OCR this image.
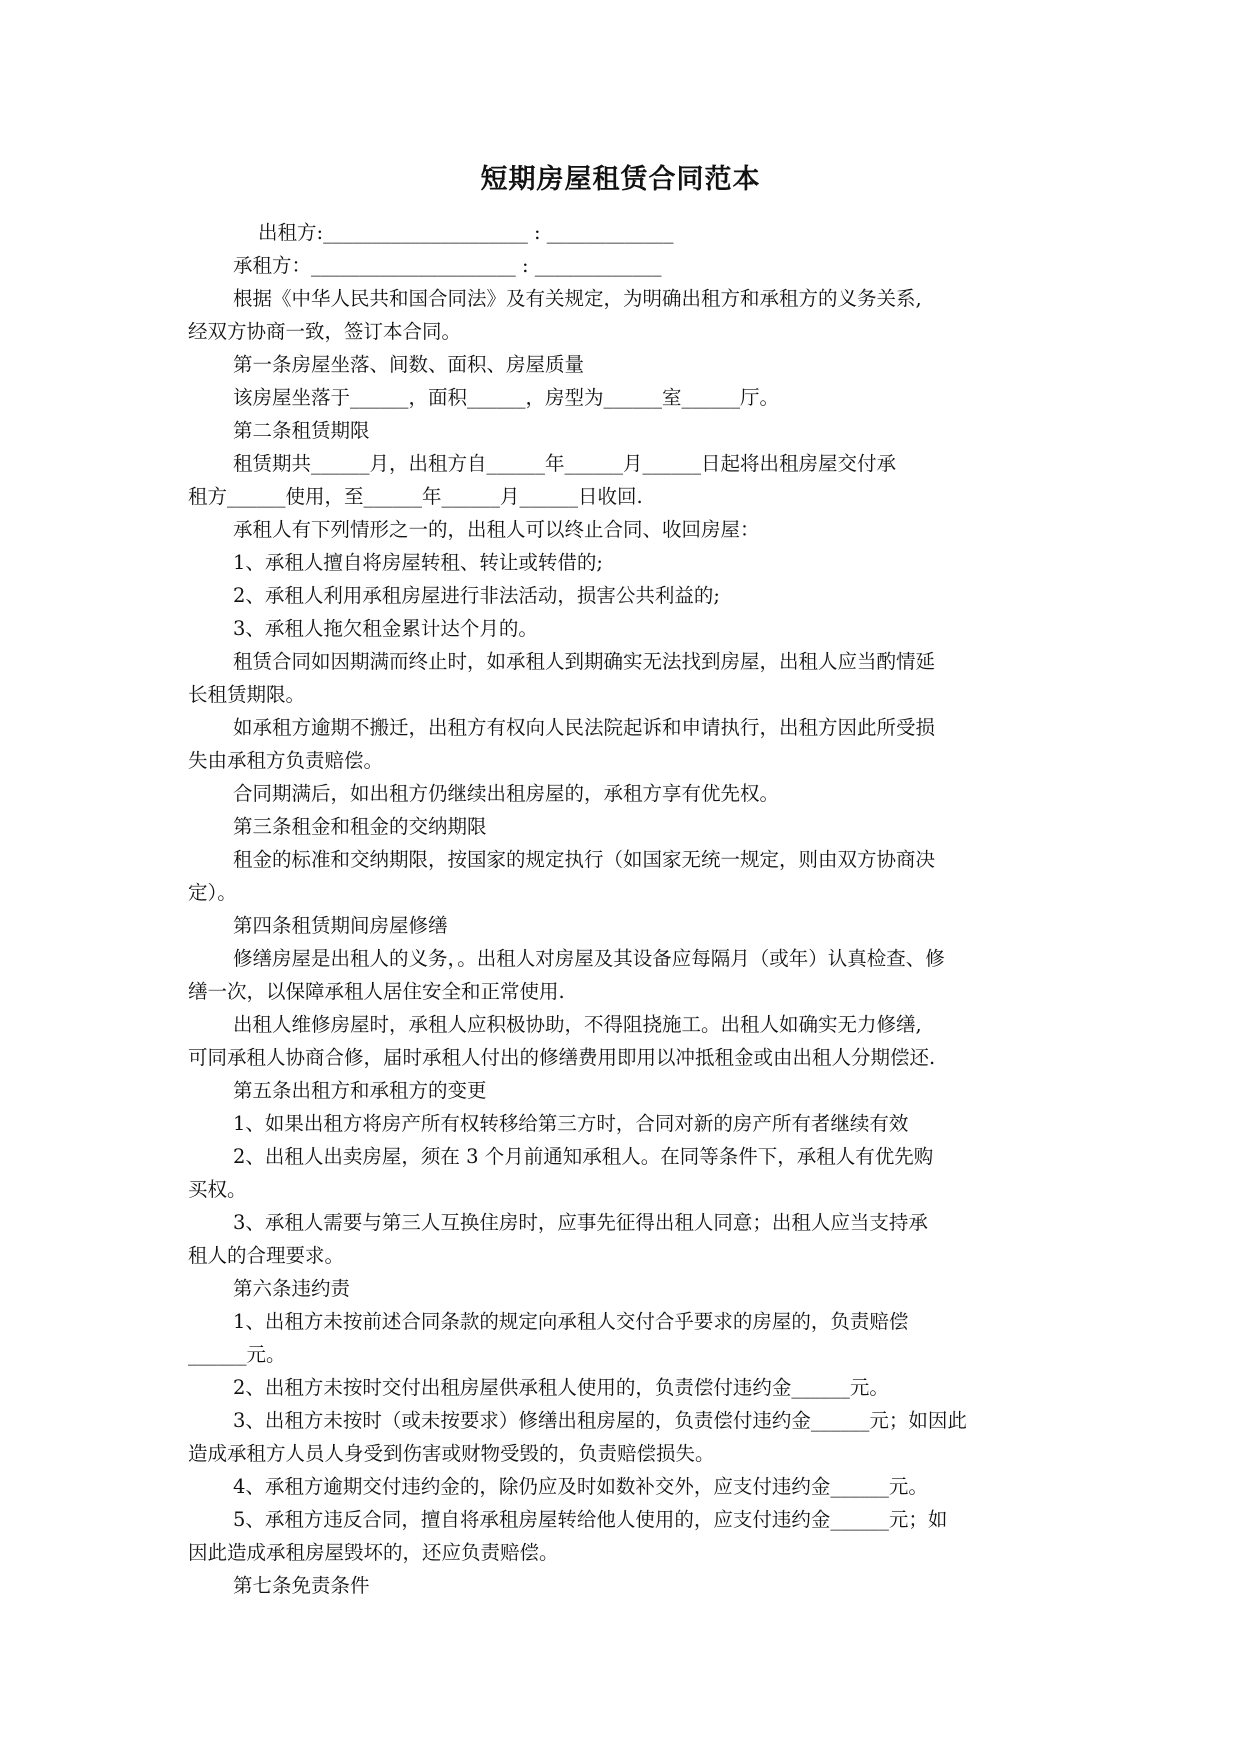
短期房屋租赁合同范本
出租方:_____________________ : _____________
承租方：_____________________ : _____________
根据《中华人民共和国合同法》及有关规定，为明确出租方和承租方的义务关系,
经双方协商一致，签订本合同。
第一条房屋坐落、间数、面积、房屋质量
该房屋坐落于______，面积______，房型为______室______厅。
第二条租赁期限
租赁期共______月，出租方自______年______月______日起将出租房屋交付承
租方______使用，至______年______月______日收回.
承租人有下列情形之一的，出租人可以终止合同、收回房屋：
1、承租人擅自将房屋转租、转让或转借的;
2、承租人利用承租房屋进行非法活动，损害公共利益的;
3、承租人拖欠租金累计达个月的。
租赁合同如因期满而终止时，如承租人到期确实无法找到房屋，出租人应当酌情延
长租赁期限。
如承租方逾期不搬迁，出租方有权向人民法院起诉和申请执行，出租方因此所受损
失由承租方负责赔偿。
合同期满后，如出租方仍继续出租房屋的，承租方享有优先权。
第三条租金和租金的交纳期限
租金的标准和交纳期限，按国家的规定执行（如国家无统一规定，则由双方协商决
定）。
第四条租赁期间房屋修缮
修缮房屋是出租人的义务，。出租人对房屋及其设备应每隔月（或年）认真检查、修
缮一次，以保障承租人居住安全和正常使用.
出租人维修房屋时，承租人应积极协助，不得阻挠施工。出租人如确实无力修缮,
可同承租人协商合修，届时承租人付出的修缮费用即用以冲抵租金或由出租人分期偿还.
第五条出租方和承租方的变更
1、如果出租方将房产所有权转移给第三方时，合同对新的房产所有者继续有效
2、出租人出卖房屋，须在 3 个月前通知承租人。在同等条件下，承租人有优先购
买权。
3、承租人需要与第三人互换住房时，应事先征得出租人同意；出租人应当支持承
租人的合理要求。
第六条违约责
1、出租方未按前述合同条款的规定向承租人交付合乎要求的房屋的，负责赔偿
______元。
2、出租方未按时交付出租房屋供承租人使用的，负责偿付违约金______元。
3、出租方未按时（或未按要求）修缮出租房屋的，负责偿付违约金______元；如因此
造成承租方人员人身受到伤害或财物受毁的，负责赔偿损失。
4、承租方逾期交付违约金的，除仍应及时如数补交外，应支付违约金______元。
5、承租方违反合同，擅自将承租房屋转给他人使用的，应支付违约金______元；如
因此造成承租房屋毁坏的，还应负责赔偿。
第七条免责条件
